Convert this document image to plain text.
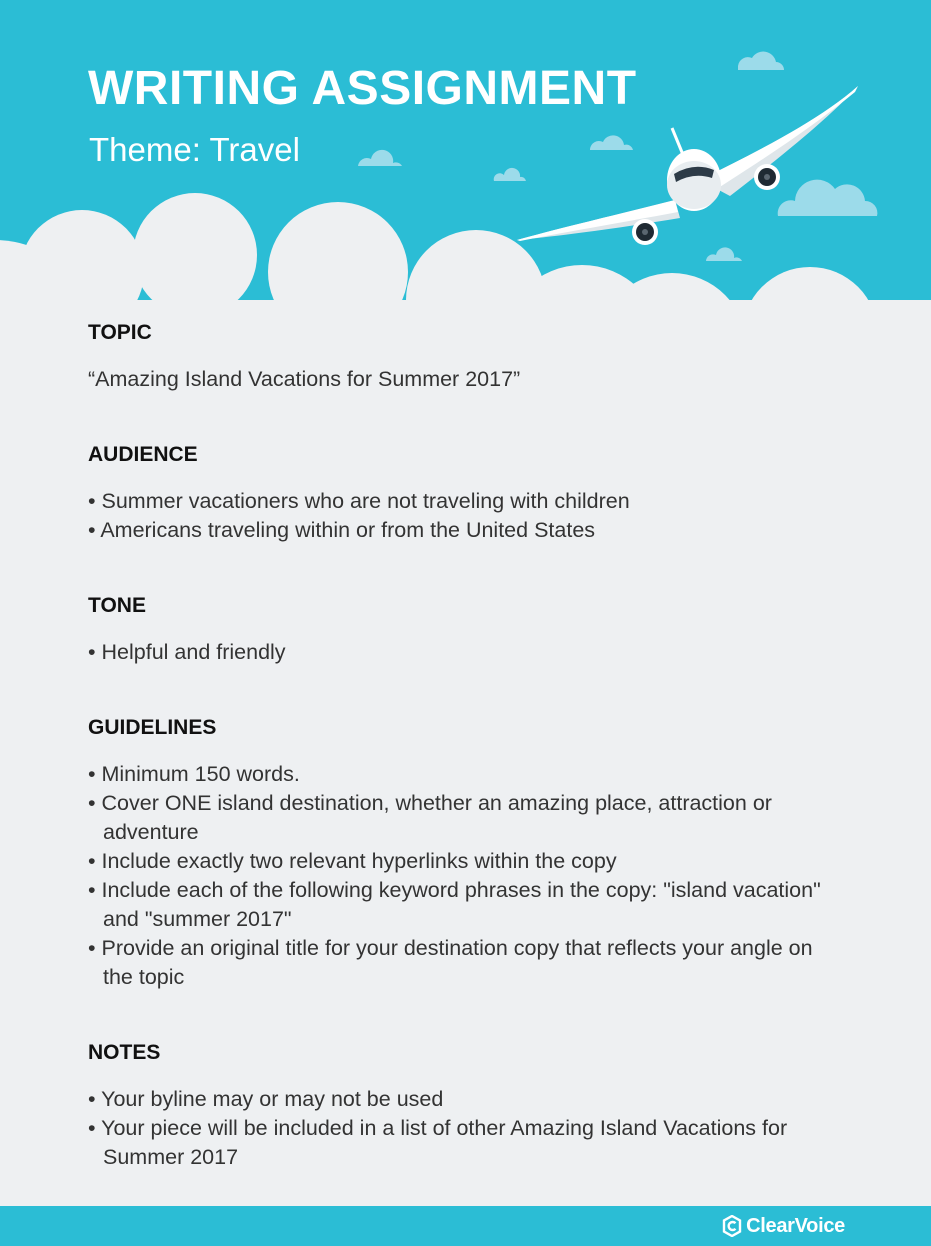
WRITING ASSIGNMENT

Theme: Travel

TOPIC
“Amazing Island Vacations for Summer 2017”
AUDIENCE
• Summer vacationers who are not traveling with children
• Americans traveling within or from the United States
TONE
• Helpful and friendly
GUIDELINES
• Minimum 150 words.
• Cover ONE island destination, whether an amazing place, attraction or adventure
• Include exactly two relevant hyperlinks within the copy
• Include each of the following keyword phrases in the copy: "island vacation" and "summer 2017"
• Provide an original title for your destination copy that reflects your angle on the topic
NOTES
• Your byline may or may not be used
• Your piece will be included in a list of other Amazing Island Vacations for Summer 2017
ClearVoice
